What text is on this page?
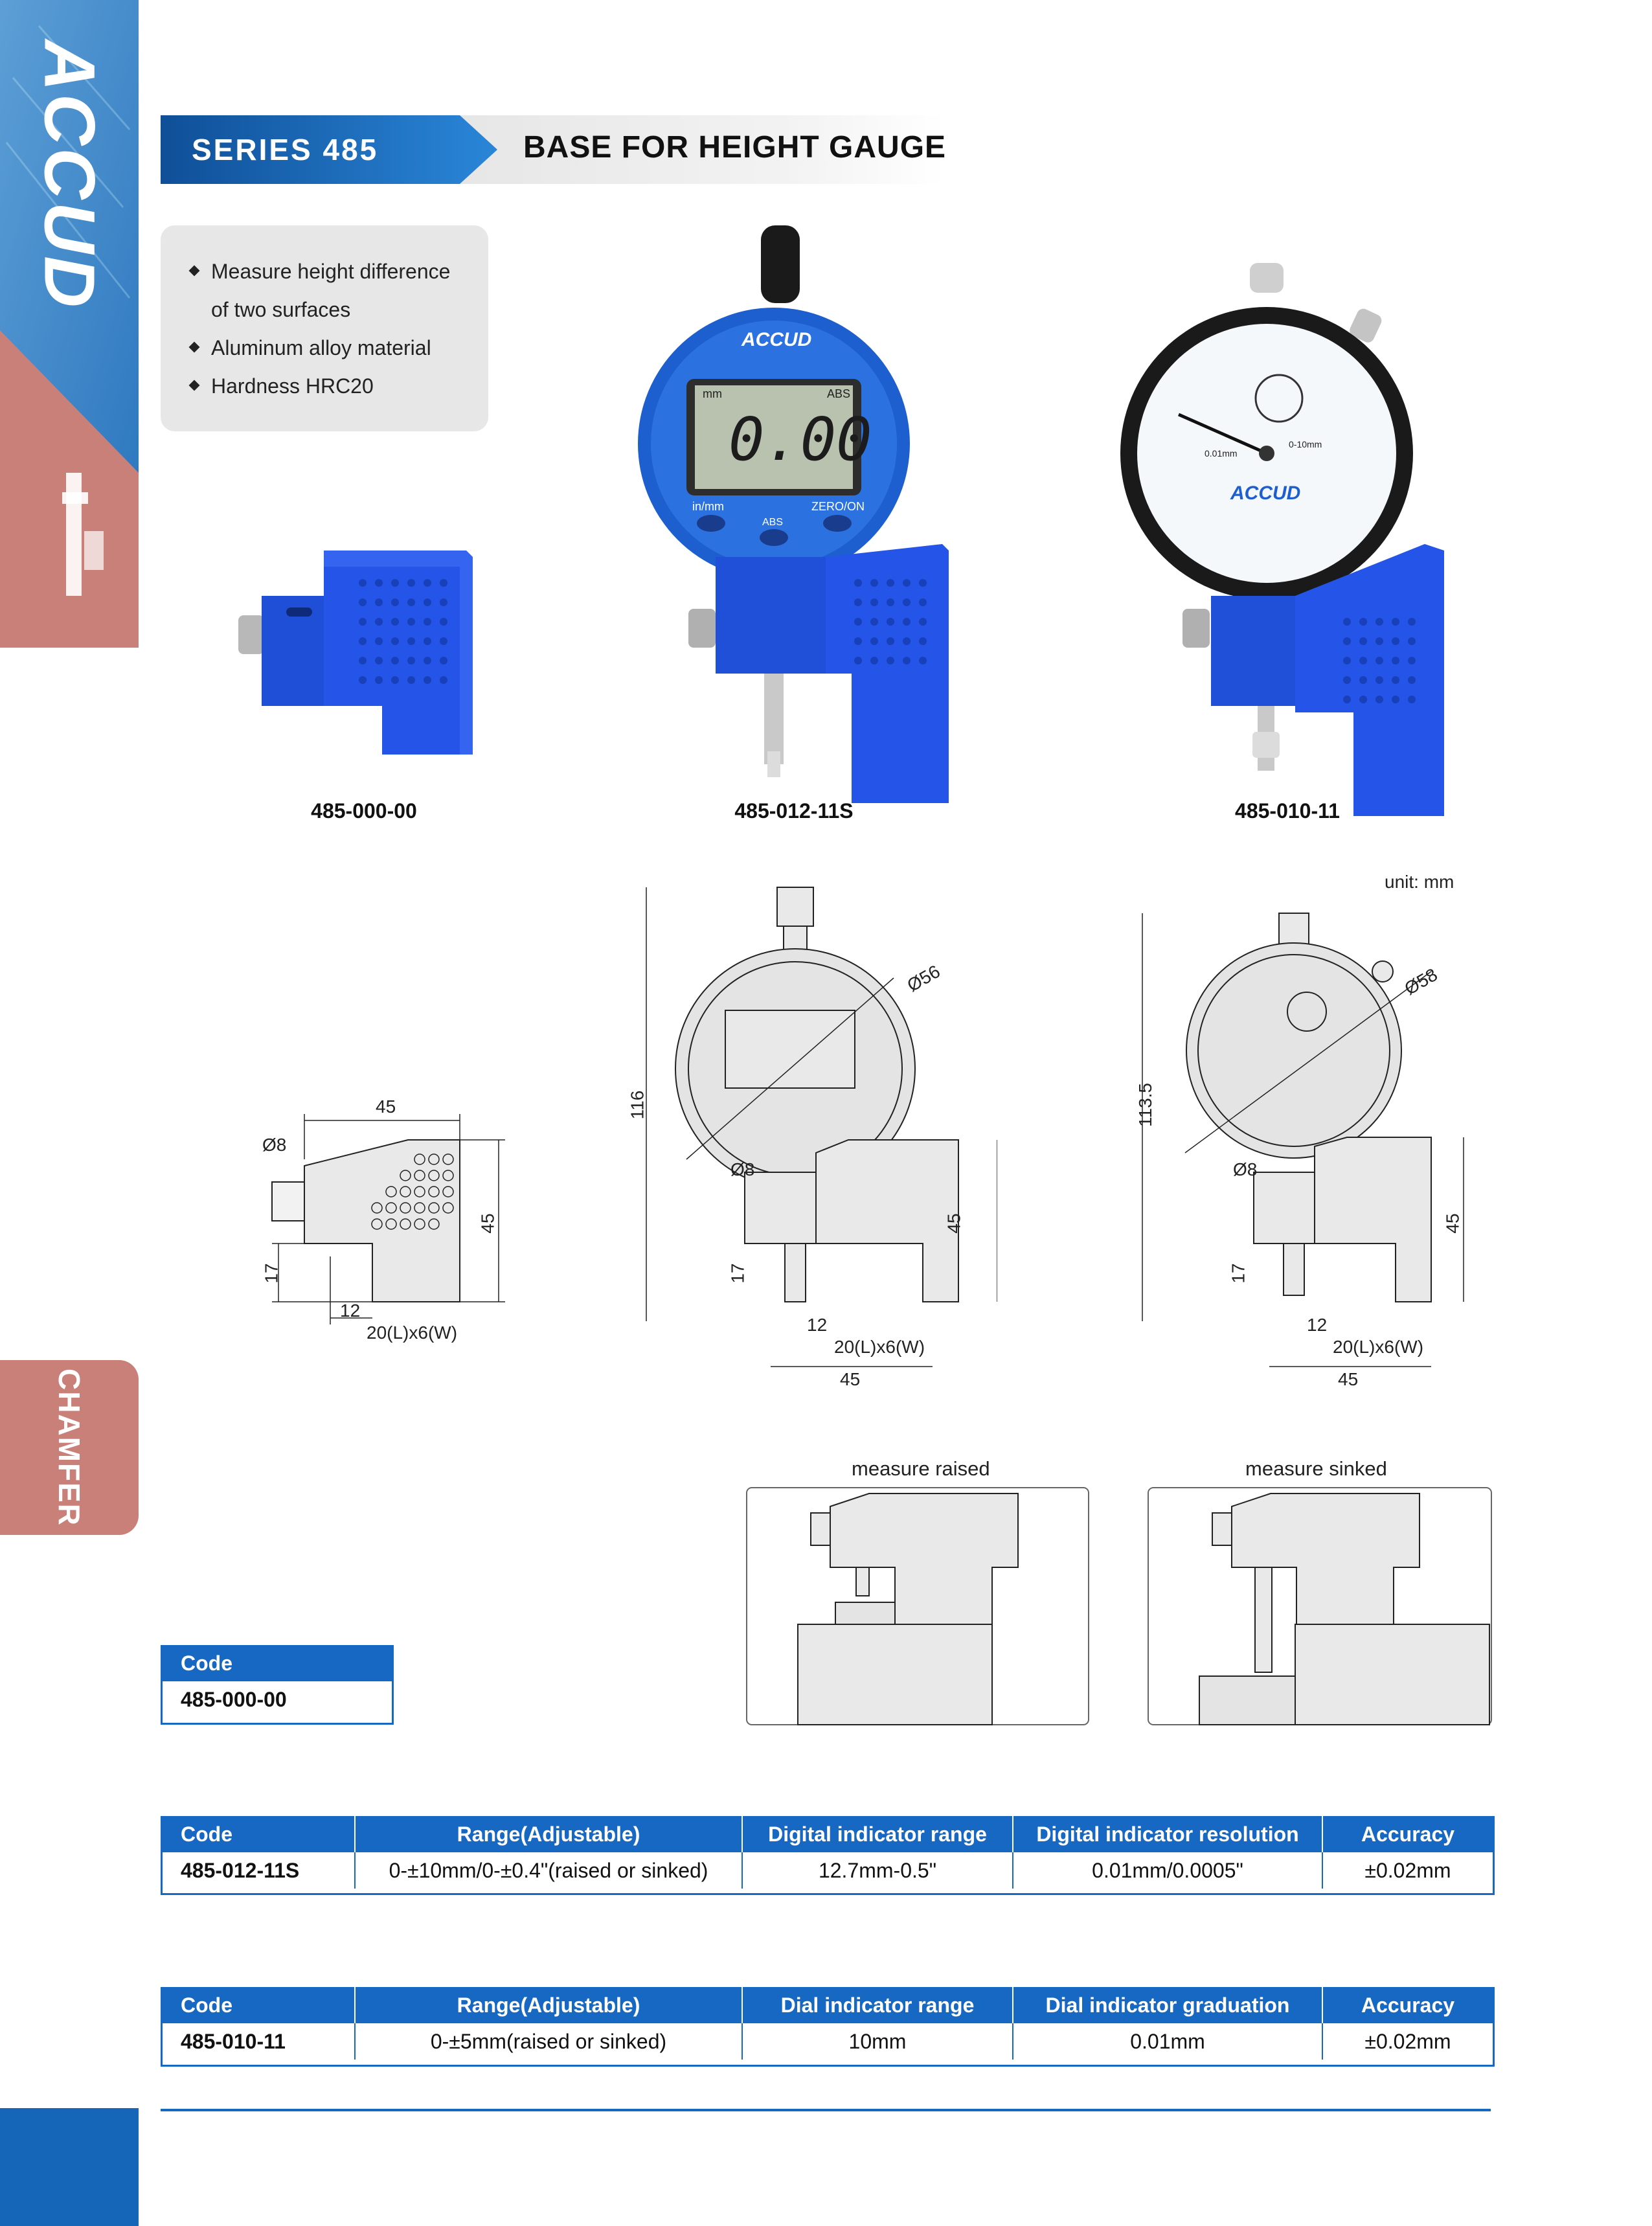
ACCUD
CHAMFER
SERIES 485	BASE FOR HEIGHT GAUGE
Measure height difference
of two surfaces
Aluminum alloy material
Hardness HRC20
ACCUD
mm	ABS
0.00
in/mm
ABS
ZERO/ON
ACCUD
0-10mm
0.01mm
485-000-00	485-012-11S	485-010-11
unit: mm
45
Ø8
45
17
12
20(L)x6(W)
116
Ø56
Ø8
45
17
12
20(L)x6(W)
45
113.5
Ø58
Ø8
45
17
12
20(L)x6(W)
45
measure raised	measure sinked
Code
485-000-00
Code	Range(Adjustable)	Digital indicator range	Digital indicator resolution	Accuracy
485-012-11S	0-±10mm/0-±0.4"(raised or sinked)	12.7mm-0.5"	0.01mm/0.0005"	±0.02mm
Code	Range(Adjustable)	Dial indicator range	Dial indicator graduation	Accuracy
485-010-11	0-±5mm(raised or sinked)	10mm	0.01mm	±0.02mm
